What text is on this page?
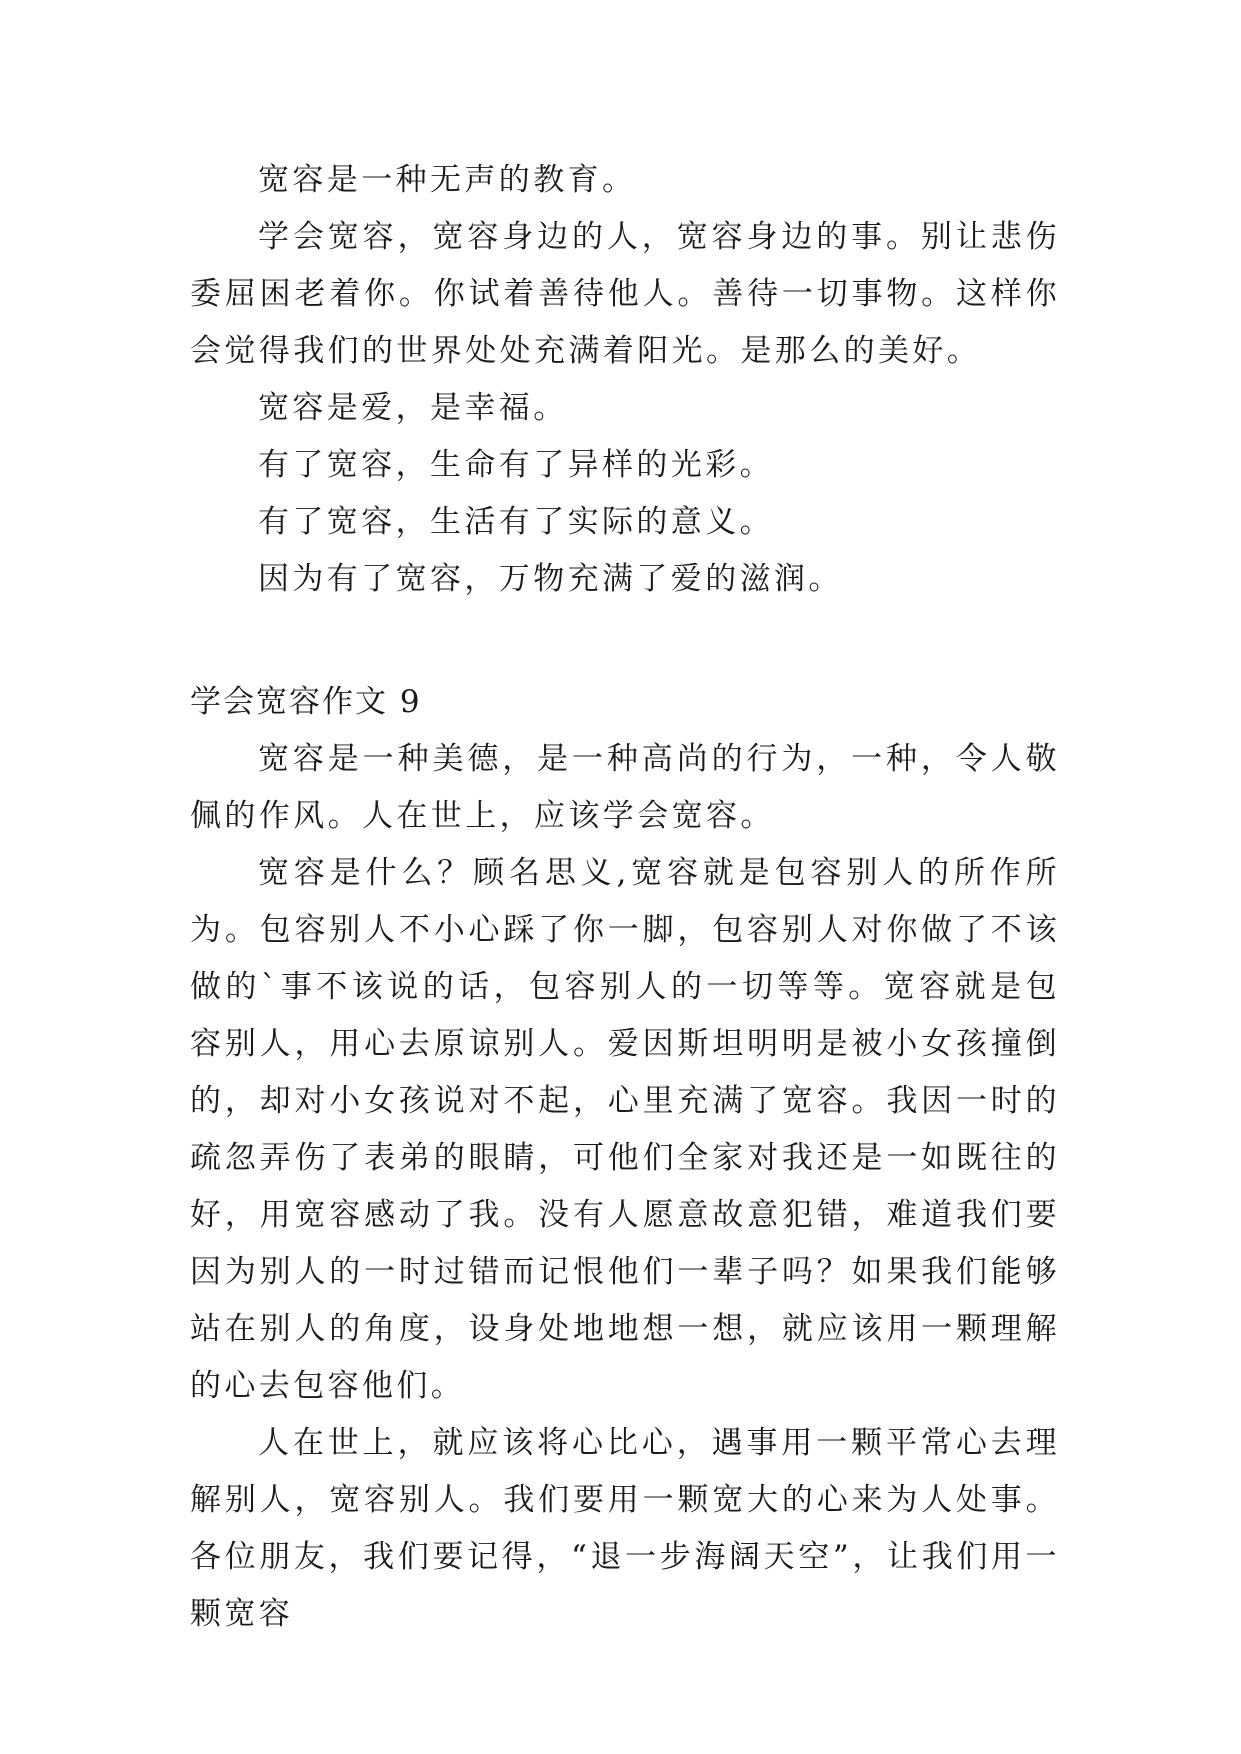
宽容是一种无声的教育。

学会宽容，宽容身边的人，宽容身边的事。别让悲伤委屈困老着你。你试着善待他人。善待一切事物。这样你会觉得我们的世界处处充满着阳光。是那么的美好。

宽容是爱，是幸福。

有了宽容，生命有了异样的光彩。

有了宽容，生活有了实际的意义。

因为有了宽容，万物充满了爱的滋润。

学会宽容作文 9

宽容是一种美德，是一种高尚的行为，一种，令人敬佩的作风。人在世上，应该学会宽容。

宽容是什么？顾名思义,宽容就是包容别人的所作所为。包容别人不小心踩了你一脚，包容别人对你做了不该做的`事不该说的话，包容别人的一切等等。宽容就是包容别人，用心去原谅别人。爱因斯坦明明是被小女孩撞倒的，却对小女孩说对不起，心里充满了宽容。我因一时的疏忽弄伤了表弟的眼睛，可他们全家对我还是一如既往的好，用宽容感动了我。没有人愿意故意犯错，难道我们要因为别人的一时过错而记恨他们一辈子吗？如果我们能够站在别人的角度，设身处地地想一想，就应该用一颗理解的心去包容他们。

人在世上，就应该将心比心，遇事用一颗平常心去理解别人，宽容别人。我们要用一颗宽大的心来为人处事。各位朋友，我们要记得，“退一步海阔天空”，让我们用一颗宽容
